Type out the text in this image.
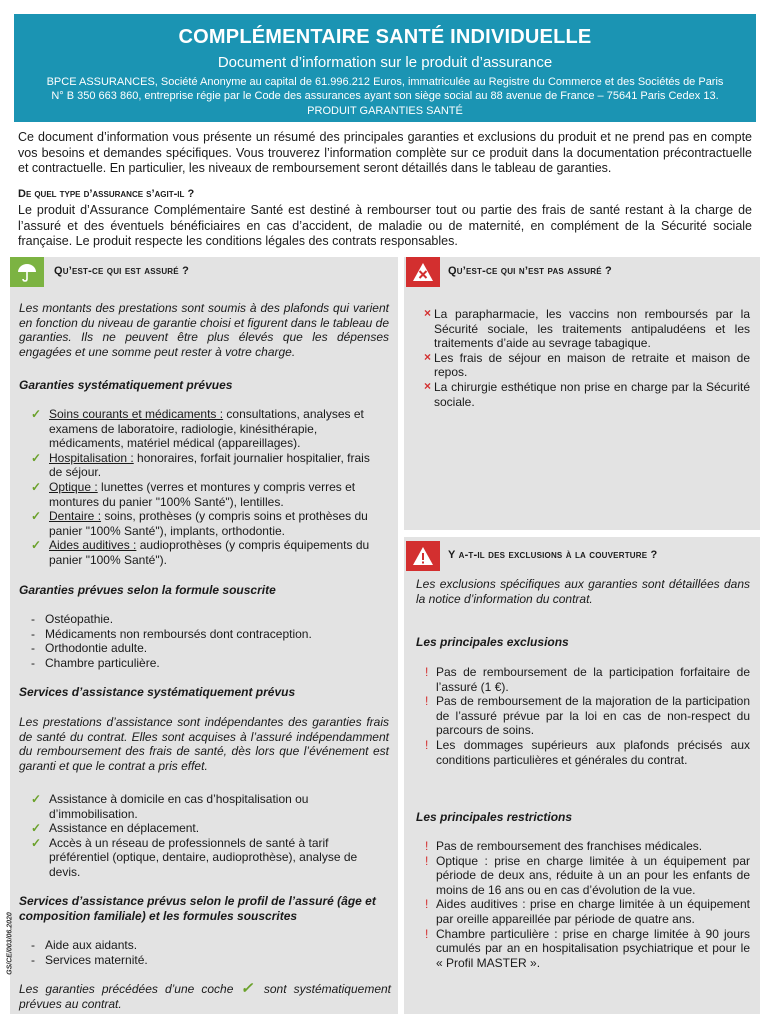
COMPLÉMENTAIRE SANTÉ INDIVIDUELLE
Document d’information sur le produit d’assurance
BPCE ASSURANCES, Société Anonyme au capital de 61.996.212 Euros, immatriculée au Registre du Commerce et des Sociétés de Paris
N° B 350 663 860, entreprise régie par le Code des assurances ayant son siège social au 88 avenue de France – 75641 Paris Cedex 13.
PRODUIT GARANTIES SANTÉ

Ce document d’information vous présente un résumé des principales garanties et exclusions du produit et ne prend pas en compte vos besoins et demandes spécifiques. Vous trouverez l’information complète sur ce produit dans la documentation précontractuelle et contractuelle. En particulier, les niveaux de remboursement seront détaillés dans le tableau de garanties.

De quel type d’assurance s’agit-il ?

Le produit d’Assurance Complémentaire Santé est destiné à rembourser tout ou partie des frais de santé restant à la charge de l’assuré et des éventuels bénéficiaires en cas d’accident, de maladie ou de maternité, en complément de la Sécurité sociale française. Le produit respecte les conditions légales des contrats responsables.

Qu’est-ce qui est assuré ?

Les montants des prestations sont soumis à des plafonds qui varient en fonction du niveau de garantie choisi et figurent dans le tableau de garanties. Ils ne peuvent être plus élevés que les dépenses engagées et une somme peut rester à votre charge.

Garanties systématiquement prévues
✓ Soins courants et médicaments : consultations, analyses et examens de laboratoire, radiologie, kinésithérapie, médicaments, matériel médical (appareillages).
✓ Hospitalisation : honoraires, forfait journalier hospitalier, frais de séjour.
✓ Optique : lunettes (verres et montures y compris verres et montures du panier "100% Santé"), lentilles.
✓ Dentaire : soins, prothèses (y compris soins et prothèses du panier "100% Santé"), implants, orthodontie.
✓ Aides auditives : audioprothèses (y compris équipements du panier "100% Santé").
Garanties prévues selon la formule souscrite
- Ostéopathie.
- Médicaments non remboursés dont contraception.
- Orthodontie adulte.
- Chambre particulière.
Services d’assistance systématiquement prévus

Les prestations d’assistance sont indépendantes des garanties frais de santé du contrat. Elles sont acquises à l’assuré indépendamment du remboursement des frais de santé, dès lors que l’événement est garanti et que le contrat a pris effet.

✓ Assistance à domicile en cas d’hospitalisation ou d’immobilisation.
✓ Assistance en déplacement.
✓ Accès à un réseau de professionnels de santé à tarif préférentiel (optique, dentaire, audioprothèse), analyse de devis.
Services d’assistance prévus selon le profil de l’assuré (âge et composition familiale) et les formules souscrites
- Aide aux aidants.
- Services maternité.

Les garanties précédées d’une coche ✓ sont systématiquement prévues au contrat.

GS/CE/003/06.2020
Qu’est-ce qui n’est pas assuré ?
× La parapharmacie, les vaccins non remboursés par la Sécurité sociale, les traitements antipaludéens et les traitements d’aide au sevrage tabagique.
× Les frais de séjour en maison de retraite et maison de repos.
× La chirurgie esthétique non prise en charge par la Sécurité sociale.
Y a-t-il des exclusions à la couverture ?

Les exclusions spécifiques aux garanties sont détaillées dans la notice d’information du contrat.

Les principales exclusions
! Pas de remboursement de la participation forfaitaire de l’assuré (1 €).
! Pas de remboursement de la majoration de la participation de l’assuré prévue par la loi en cas de non-respect du parcours de soins.
! Les dommages supérieurs aux plafonds précisés aux conditions particulières et générales du contrat.
Les principales restrictions
! Pas de remboursement des franchises médicales.
! Optique : prise en charge limitée à un équipement par période de deux ans, réduite à un an pour les enfants de moins de 16 ans ou en cas d’évolution de la vue.
! Aides auditives : prise en charge limitée à un équipement par oreille appareillée par période de quatre ans.
! Chambre particulière : prise en charge limitée à 90 jours cumulés par an en hospitalisation psychiatrique et pour le « Profil MASTER ».
